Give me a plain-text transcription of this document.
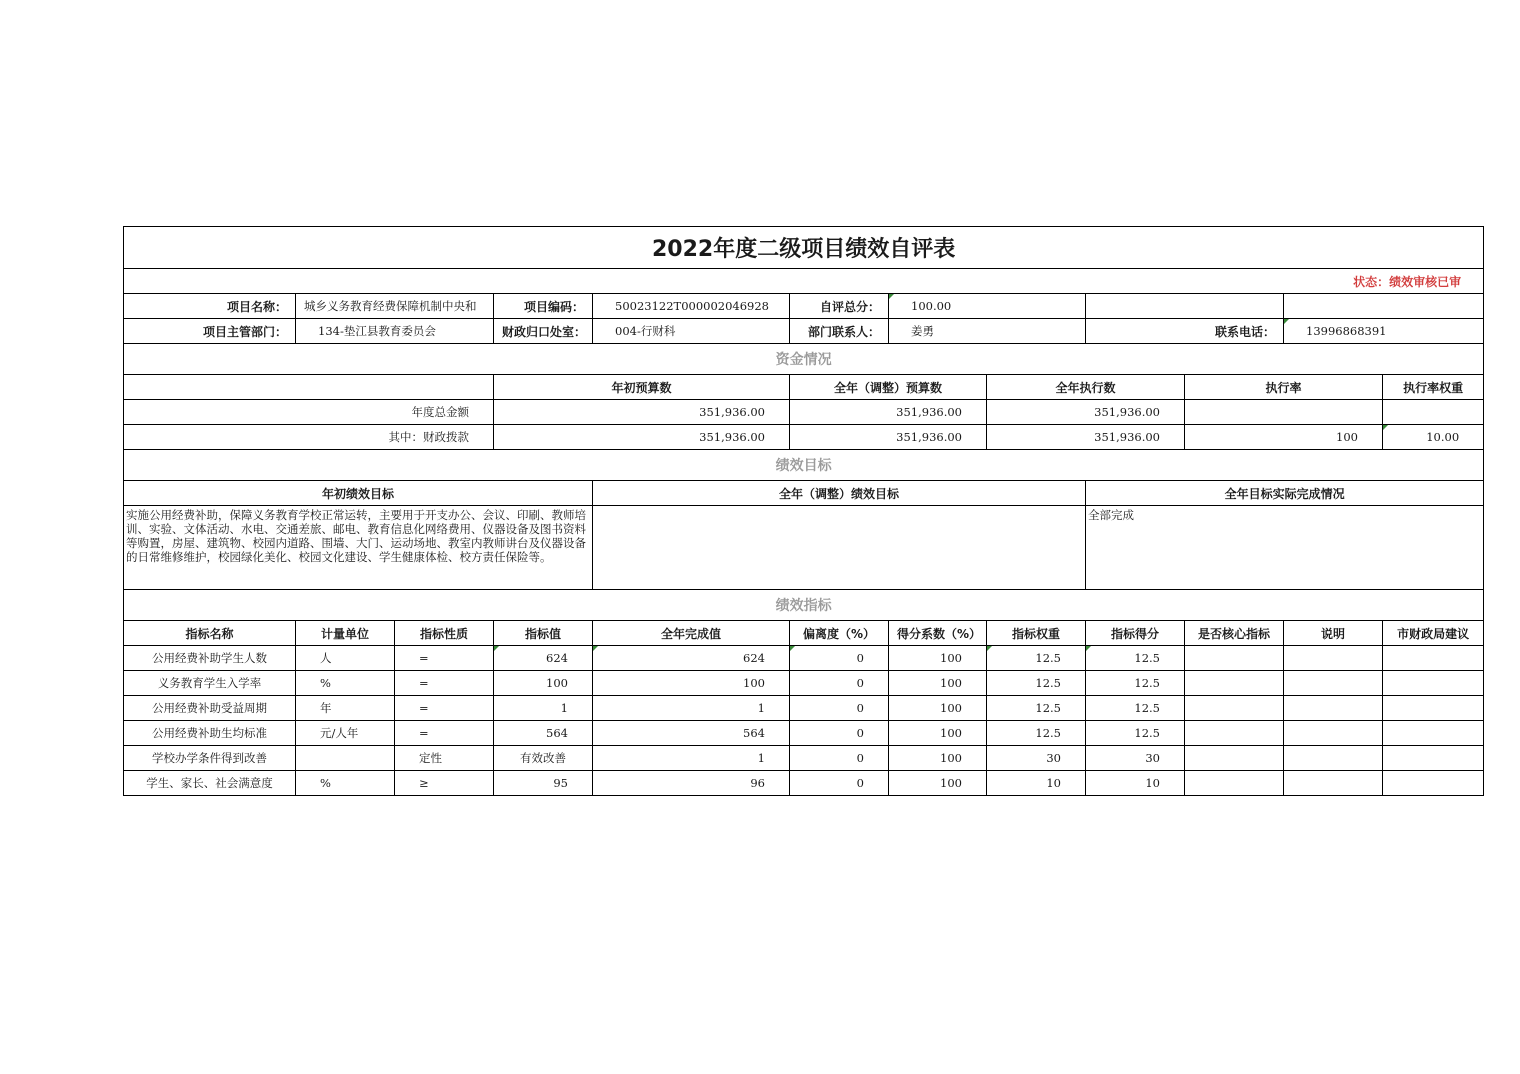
2022年度二级项目绩效自评表												
状态：绩效审核已审												
项目名称：	城乡义务教育经费保障机制中央和		项目编码：	50023122T000002046928	自评总分：	100.00						
项目主管部门：	134-垫江县教育委员会		财政归口处室：	004-行财科	部门联系人：	姜勇		联系电话：		13996868391		
资金情况												
			年初预算数		全年（调整）预算数		全年执行数		执行率		执行率权重	
年度总金额			351,936.00		351,936.00		351,936.00					
其中：财政拨款			351,936.00		351,936.00		351,936.00		100		10.00	
绩效目标												
年初绩效目标				全年（调整）绩效目标				全年目标实际完成情况				
实施公用经费补助，保障义务教育学校正常运转，主要用于开支办公、会议、印刷、教师培训、实验、文体活动、水电、交通差旅、邮电、教育信息化网络费用、仪器设备及图书资料等购置，房屋、建筑物、校园内道路、围墙、大门、运动场地、教室内教师讲台及仪器设备的日常维修维护，校园绿化美化、校园文化建设、学生健康体检、校方责任保险等。								全部完成				
绩效指标												
指标名称	计量单位	指标性质	指标值	全年完成值	偏离度（%）	得分系数（%）	指标权重	指标得分	是否核心指标	说明	市财政局建议	
公用经费补助学生人数	人	=	624	624	0	100	12.5	12.5				
义务教育学生入学率	%	=	100	100	0	100	12.5	12.5				
公用经费补助受益周期	年	=	1	1	0	100	12.5	12.5				
公用经费补助生均标准	元/人年	=	564	564	0	100	12.5	12.5				
学校办学条件得到改善		定性	有效改善	1	0	100	30	30				
学生、家长、社会满意度	%	≥	95	96	0	100	10	10				
